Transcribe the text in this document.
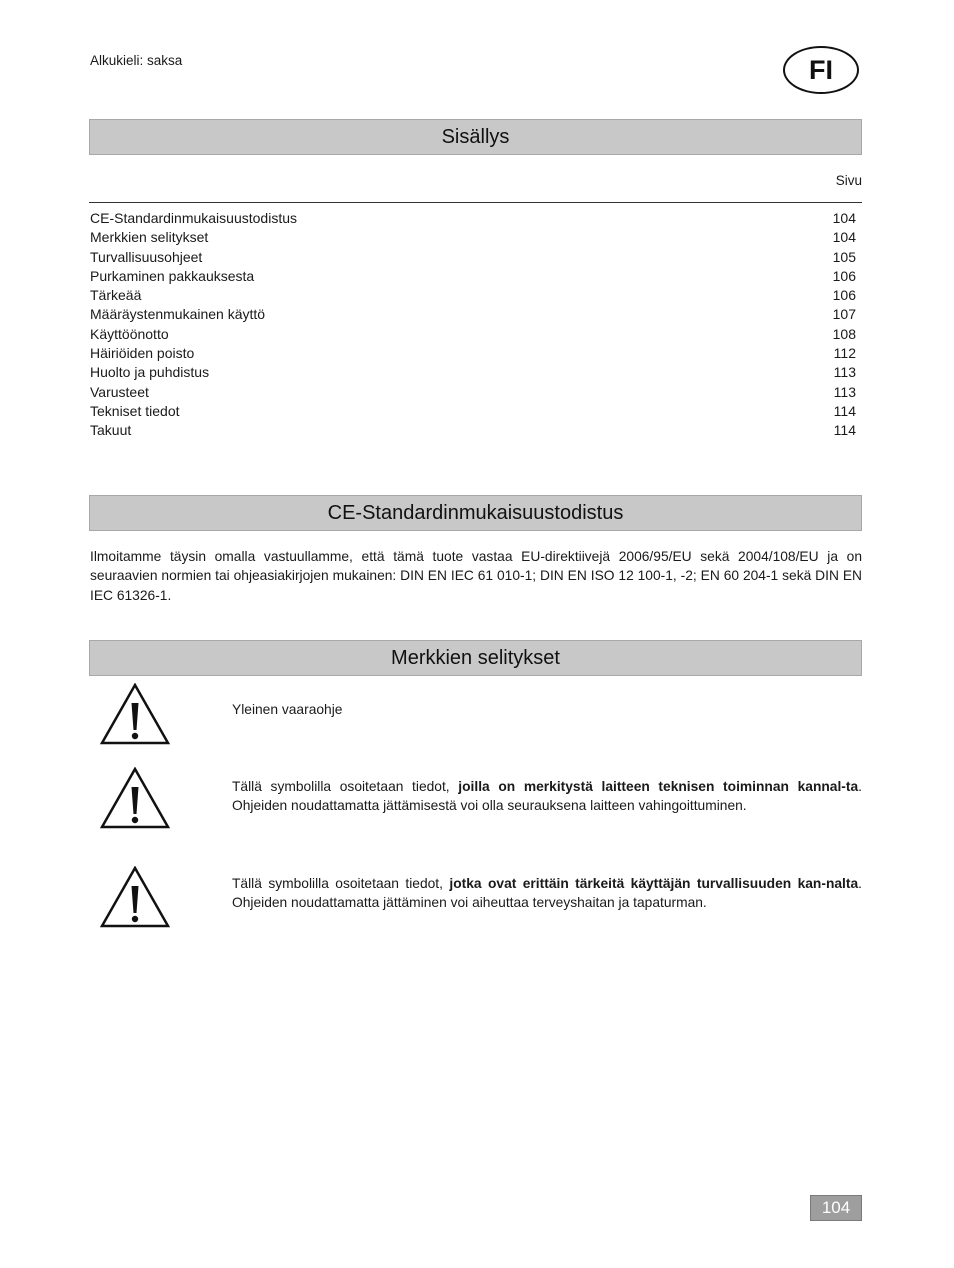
Alkukieli: saksa	FI
Sisällys
Sivu
CE-Standardinmukaisuustodistus	104
Merkkien selitykset	104
Turvallisuusohjeet	105
Purkaminen pakkauksesta	106
Tärkeää	106
Määräystenmukainen käyttö	107
Käyttöönotto	108
Häiriöiden poisto	112
Huolto ja puhdistus	113
Varusteet	113
Tekniset tiedot	114
Takuut	114
CE-Standardinmukaisuustodistus
Ilmoitamme täysin omalla vastuullamme, että tämä tuote vastaa EU-direktiivejä 2006/95/EU sekä 2004/108/EU ja on seuraavien normien tai ohjeasiakirjojen mukainen: DIN EN IEC 61 010-1; DIN EN ISO 12 100-1, -2; EN 60 204-1 sekä DIN EN IEC 61326-1.
Merkkien selitykset
Yleinen vaaraohje
Tällä symbolilla osoitetaan tiedot, joilla on merkitystä laitteen teknisen toiminnan kannal-ta. Ohjeiden noudattamatta jättämisestä voi olla seurauksena laitteen vahingoittuminen.
Tällä symbolilla osoitetaan tiedot, jotka ovat erittäin tärkeitä käyttäjän turvallisuuden kan-nalta. Ohjeiden noudattamatta jättäminen voi aiheuttaa terveyshaitan ja tapaturman.
104
